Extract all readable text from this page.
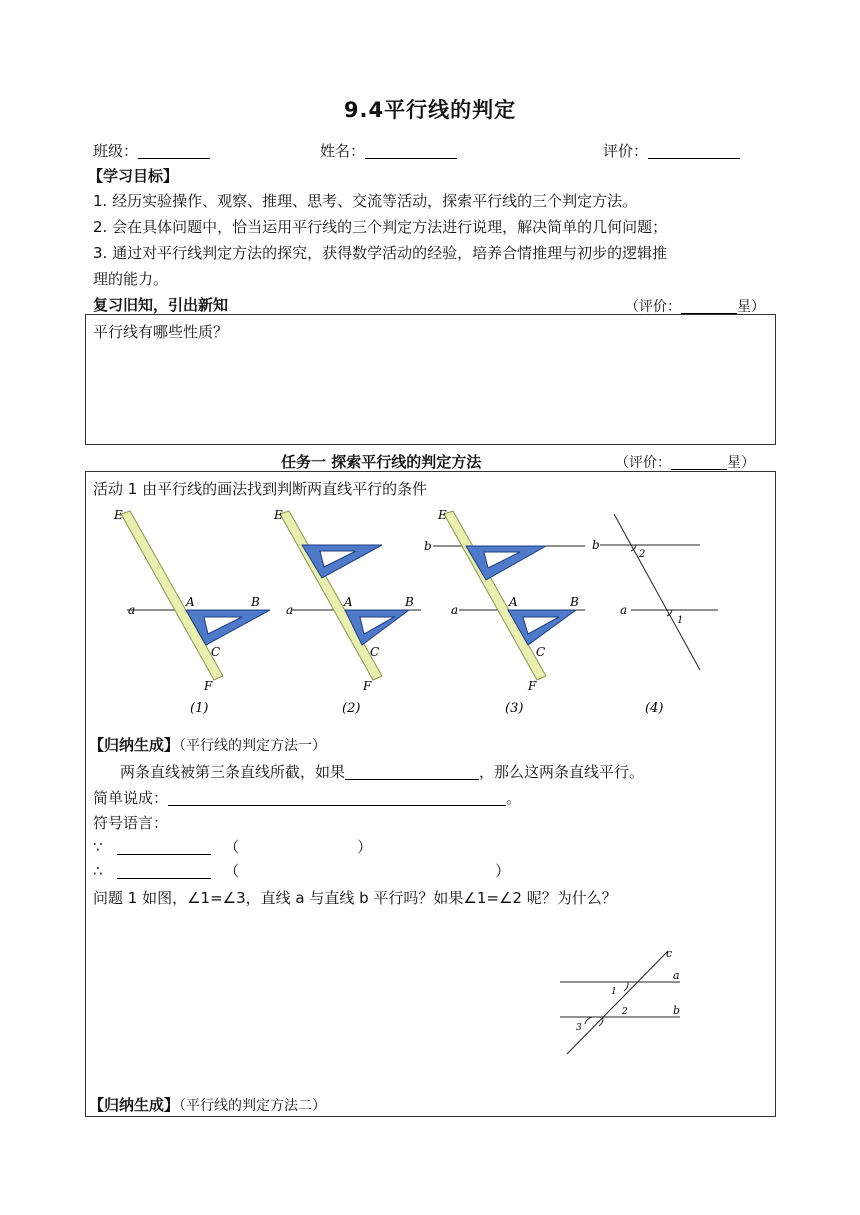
9.4平行线的判定
班级：	姓名：	评价：
【学习目标】
1. 经历实验操作、观察、推理、思考、交流等活动，探索平行线的三个判定方法。
2. 会在具体问题中，恰当运用平行线的三个判定方法进行说理，解决简单的几何问题；
3. 通过对平行线判定方法的探究，获得数学活动的经验，培养合情推理与初步的逻辑推
理的能力。
复习旧知，引出新知	（评价：	星）
平行线有哪些性质？
任务一 探索平行线的判定方法	（评价：	星）
活动 1 由平行线的画法找到判断两直线平行的条件
E
F
A	B
C
a
(1)
E
F
A	B
C
a
(2)
E
F
A	B
C
b
a
(3)
b
a
2
1
(4)
【归纳生成】（平行线的判定方法一）
两条直线被第三条直线所截，如果	，那么这两条直线平行。
简单说成：	。
符号语言：
∵	（	）
∴	（	）
问题 1 如图，∠1=∠3，直线 a 与直线 b 平行吗？如果∠1=∠2 呢？为什么？
c
a
b
1
2
3
【归纳生成】（平行线的判定方法二）
